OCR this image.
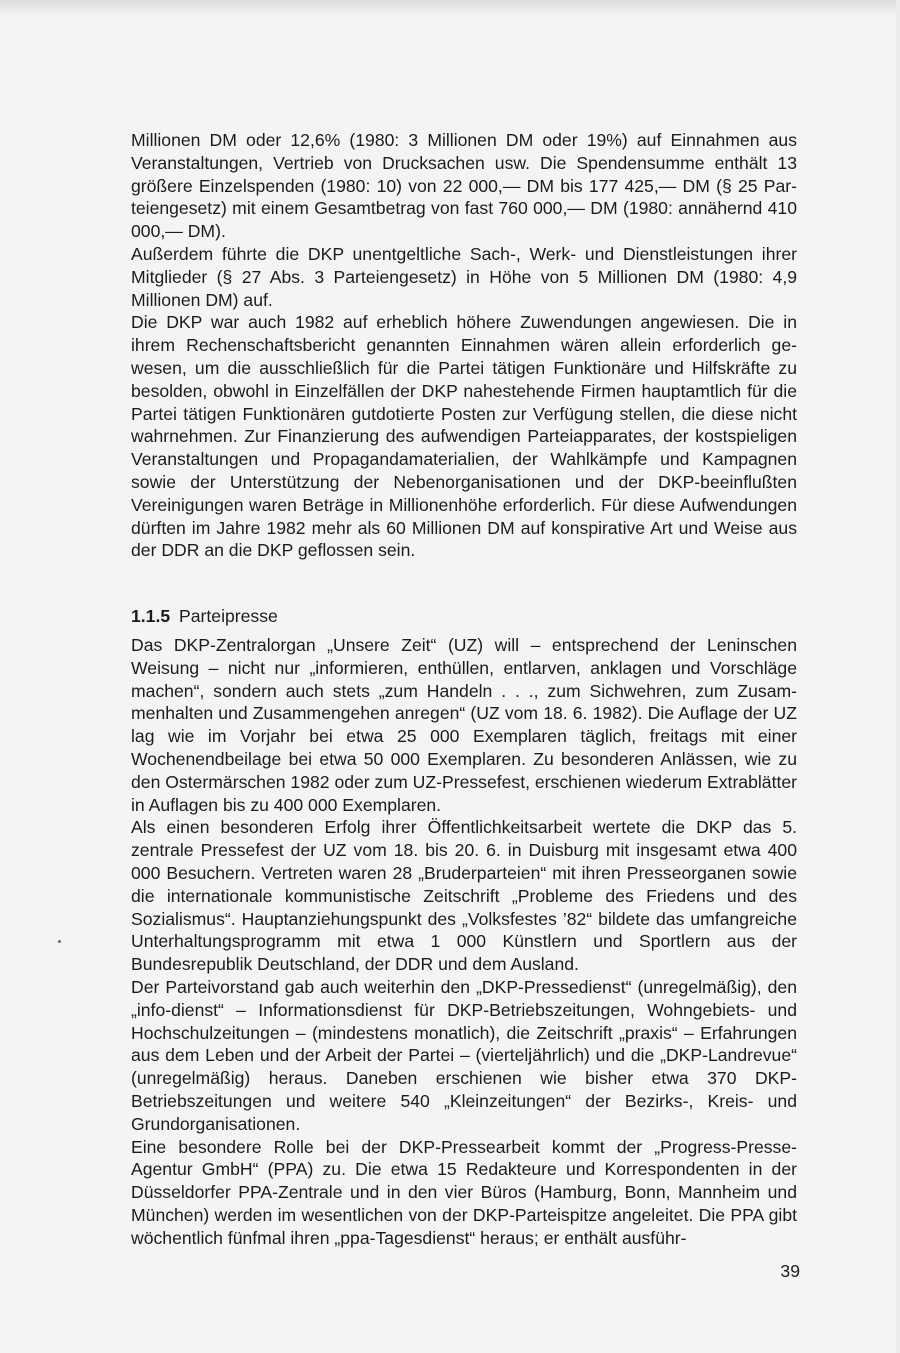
Millionen DM oder 12,6% (1980: 3 Millionen DM oder 19%) auf Einnahmen aus Veranstaltungen, Vertrieb von Drucksachen usw. Die Spendensumme enthält 13 größere Einzelspenden (1980: 10) von 22 000,— DM bis 177 425,— DM (§ 25 Parteiengesetz) mit einem Gesamtbetrag von fast 760 000,— DM (1980: annähernd 410 000,— DM).

Außerdem führte die DKP unentgeltliche Sach-, Werk- und Dienstleistungen ihrer Mitglieder (§ 27 Abs. 3 Parteiengesetz) in Höhe von 5 Millionen DM (1980: 4,9 Millionen DM) auf.

Die DKP war auch 1982 auf erheblich höhere Zuwendungen angewiesen. Die in ihrem Rechenschaftsbericht genannten Einnahmen wären allein erforderlich gewesen, um die ausschließlich für die Partei tätigen Funktionäre und Hilfskräfte zu besolden, obwohl in Einzelfällen der DKP nahestehende Firmen hauptamtlich für die Partei tätigen Funktionären gutdotierte Posten zur Verfügung stellen, die diese nicht wahrnehmen. Zur Finanzierung des aufwendigen Parteiapparates, der kostspieligen Veranstaltungen und Propagandamaterialien, der Wahlkämpfe und Kampagnen sowie der Unterstützung der Nebenorganisationen und der DKP-beeinflußten Vereinigungen waren Beträge in Millionenhöhe erforderlich. Für diese Aufwendungen dürften im Jahre 1982 mehr als 60 Millionen DM auf konspirative Art und Weise aus der DDR an die DKP geflossen sein.

1.1.5 Parteipresse

Das DKP-Zentralorgan „Unsere Zeit“ (UZ) will – entsprechend der Leninschen Weisung – nicht nur „informieren, enthüllen, entlarven, anklagen und Vorschläge machen“, sondern auch stets „zum Handeln . . ., zum Sichwehren, zum Zusammenhalten und Zusammengehen anregen“ (UZ vom 18. 6. 1982). Die Auflage der UZ lag wie im Vorjahr bei etwa 25 000 Exemplaren täglich, freitags mit einer Wochenendbeilage bei etwa 50 000 Exemplaren. Zu besonderen Anlässen, wie zu den Ostermärschen 1982 oder zum UZ-Pressefest, erschienen wiederum Extrablätter in Auflagen bis zu 400 000 Exemplaren.

Als einen besonderen Erfolg ihrer Öffentlichkeitsarbeit wertete die DKP das 5. zentrale Pressefest der UZ vom 18. bis 20. 6. in Duisburg mit insgesamt etwa 400 000 Besuchern. Vertreten waren 28 „Bruderparteien“ mit ihren Presseorganen sowie die internationale kommunistische Zeitschrift „Probleme des Friedens und des Sozialismus“. Hauptanziehungspunkt des „Volksfestes ’82“ bildete das umfangreiche Unterhaltungsprogramm mit etwa 1 000 Künstlern und Sportlern aus der Bundesrepublik Deutschland, der DDR und dem Ausland.

Der Parteivorstand gab auch weiterhin den „DKP-Pressedienst“ (unregelmäßig), den „info-dienst“ – Informationsdienst für DKP-Betriebszeitungen, Wohngebiets- und Hochschulzeitungen – (mindestens monatlich), die Zeitschrift „praxis“ – Erfahrungen aus dem Leben und der Arbeit der Partei – (vierteljährlich) und die „DKP-Landrevue“ (unregelmäßig) heraus. Daneben erschienen wie bisher etwa 370 DKP-Betriebszeitungen und weitere 540 „Kleinzeitungen“ der Bezirks-, Kreis- und Grundorganisationen.

Eine besondere Rolle bei der DKP-Pressearbeit kommt der „Progress-Presse-Agentur GmbH“ (PPA) zu. Die etwa 15 Redakteure und Korrespondenten in der Düsseldorfer PPA-Zentrale und in den vier Büros (Hamburg, Bonn, Mannheim und München) werden im wesentlichen von der DKP-Parteispitze angeleitet. Die PPA gibt wöchentlich fünfmal ihren „ppa-Tagesdienst“ heraus; er enthält ausführ-

39
